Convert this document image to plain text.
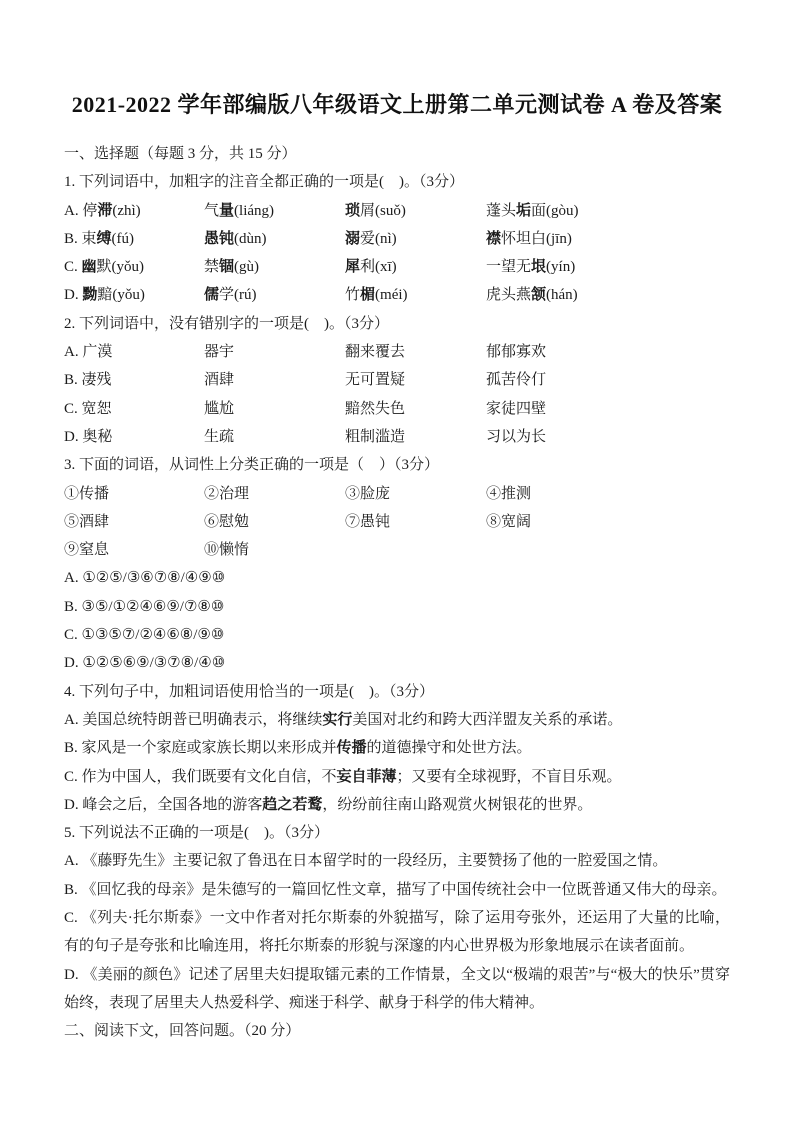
2021-2022 学年部编版八年级语文上册第二单元测试卷 A 卷及答案
一、选择题（每题 3 分，共 15 分）
1. 下列词语中，加粗字的注音全都正确的一项是(　)。（3分）
A. 停滞(zhì)	气量(liáng)	琐屑(suǒ)	蓬头垢面(gòu)
B. 束缚(fú)	愚钝(dùn)	溺爱(nì)	襟怀坦白(jīn)
C. 幽默(yǒu)	禁锢(gù)	犀利(xī)	一望无垠(yín)
D. 黝黯(yǒu)	儒学(rú)	竹楣(méi)	虎头燕颔(hán)
2. 下列词语中，没有错别字的一项是(　)。（3分）
A. 广漠	器宇	翻来覆去	郁郁寡欢
B. 凄残	酒肆	无可置疑	孤苦伶仃
C. 宽恕	尴尬	黯然失色	家徒四壁
D. 奥秘	生疏	粗制滥造	习以为长
3. 下面的词语，从词性上分类正确的一项是（　）（3分）
①传播	②治理	③脸庞	④推测
⑤酒肆	⑥慰勉	⑦愚钝	⑧宽阔
⑨窒息	⑩懒惰
A. ①②⑤/③⑥⑦⑧/④⑨⑩
B. ③⑤/①②④⑥⑨/⑦⑧⑩
C. ①③⑤⑦/②④⑥⑧/⑨⑩
D. ①②⑤⑥⑨/③⑦⑧/④⑩
4. 下列句子中，加粗词语使用恰当的一项是(　)。（3分）
A. 美国总统特朗普已明确表示，将继续实行美国对北约和跨大西洋盟友关系的承诺。
B. 家风是一个家庭或家族长期以来形成并传播的道德操守和处世方法。
C. 作为中国人，我们既要有文化自信，不妄自菲薄；又要有全球视野，不盲目乐观。
D. 峰会之后，全国各地的游客趋之若鹜，纷纷前往南山路观赏火树银花的世界。
5. 下列说法不正确的一项是(　)。（3分）
A. 《藤野先生》主要记叙了鲁迅在日本留学时的一段经历，主要赞扬了他的一腔爱国之情。
B. 《回忆我的母亲》是朱德写的一篇回忆性文章，描写了中国传统社会中一位既普通又伟大的母亲。
C. 《列夫·托尔斯泰》一文中作者对托尔斯泰的外貌描写，除了运用夸张外，还运用了大量的比喻，有的句子是夸张和比喻连用，将托尔斯泰的形貌与深邃的内心世界极为形象地展示在读者面前。
D. 《美丽的颜色》记述了居里夫妇提取镭元素的工作情景，全文以“极端的艰苦”与“极大的快乐”贯穿始终，表现了居里夫人热爱科学、痴迷于科学、献身于科学的伟大精神。
二、阅读下文，回答问题。（20 分）
